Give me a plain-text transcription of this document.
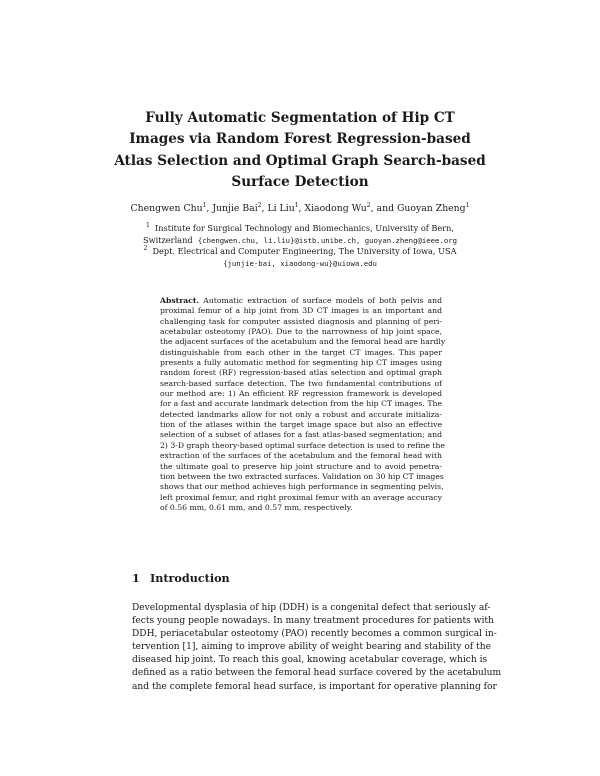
Fully Automatic Segmentation of Hip CT
Images via Random Forest Regression-based
Atlas Selection and Optimal Graph Search-based
Surface Detection
Chengwen Chu$^1$, Junjie Bai$^2$, Li Liu$^1$, Xiaodong Wu$^2$, and Guoyan Zheng$^1$
$^1$ Institute for Surgical Technology and Biomechanics, University of Bern,
Switzerland {chengwen.chu, li.liu}@istb.unibe.ch, guoyan.zheng@ieee.org
$^2$ Dept. Electrical and Computer Engineering, The University of Iowa, USA
{junjie-bai, xiaodong-wu}@uiowa.edu
Abstract. Automatic extraction of surface models of both pelvis and
proximal femur of a hip joint from 3D CT images is an important and
challenging task for computer assisted diagnosis and planning of peri-
acetabular osteotomy (PAO). Due to the narrowness of hip joint space,
the adjacent surfaces of the acetabulum and the femoral head are hardly
distinguishable from each other in the target CT images. This paper
presents a fully automatic method for segmenting hip CT images using
random forest (RF) regression-based atlas selection and optimal graph
search-based surface detection. The two fundamental contributions of
our method are: 1) An efficient RF regression framework is developed
for a fast and accurate landmark detection from the hip CT images. The
detected landmarks allow for not only a robust and accurate initializa-
tion of the atlases within the target image space but also an effective
selection of a subset of atlases for a fast atlas-based segmentation; and
2) 3-D graph theory-based optimal surface detection is used to refine the
extraction of the surfaces of the acetabulum and the femoral head with
the ultimate goal to preserve hip joint structure and to avoid penetra-
tion between the two extracted surfaces. Validation on 30 hip CT images
shows that our method achieves high performance in segmenting pelvis,
left proximal femur, and right proximal femur with an average accuracy
of 0.56 mm, 0.61 mm, and 0.57 mm, respectively.
1 Introduction
Developmental dysplasia of hip (DDH) is a congenital defect that seriously af-
fects young people nowadays. In many treatment procedures for patients with
DDH, periacetabular osteotomy (PAO) recently becomes a common surgical in-
tervention [1], aiming to improve ability of weight bearing and stability of the
diseased hip joint. To reach this goal, knowing acetabular coverage, which is
defined as a ratio between the femoral head surface covered by the acetabulum
and the complete femoral head surface, is important for operative planning for
